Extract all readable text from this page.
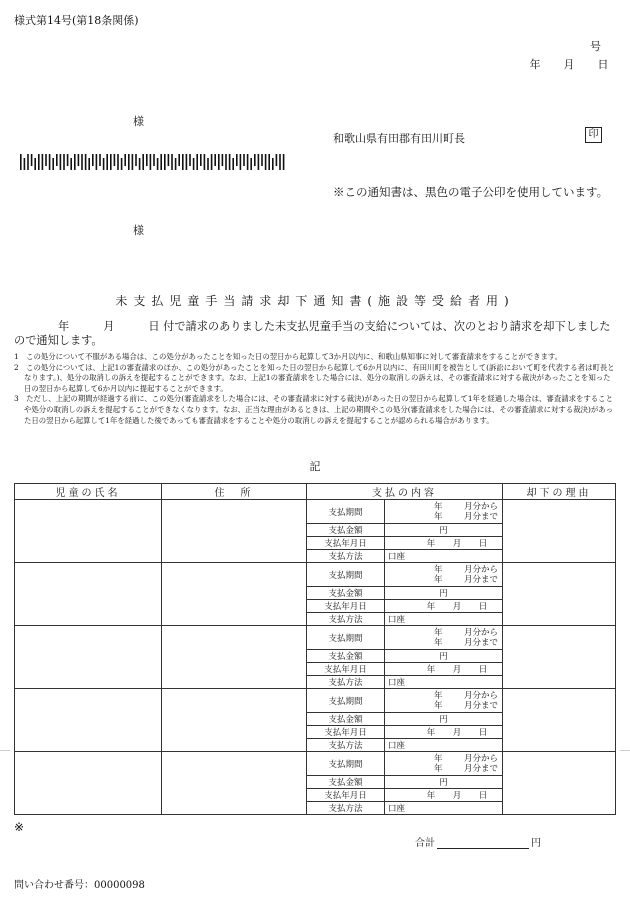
様式第14号(第18条関係)
号
年 月 日
様
和歌山県有田郡有田川町長	印
※この通知書は、黒色の電子公印を使用しています。
様
未支払児童手当請求却下通知書(施設等受給者用)
年	月	日 付で請求のありました未支払児童手当の支給については、次のとおり請求を却下しました
ので通知します。

1　この処分について不服がある場合は、この処分があったことを知った日の翌日から起算して3か月以内に、和歌山県知事に対して審査請求をすることができます。

2　この処分については、上記1の審査請求のほか、この処分があったことを知った日の翌日から起算して6か月以内に、有田川町を被告として(訴訟において町を代表する者は町長となります。)、処分の取消しの訴えを提起することができます。なお、上記1の審査請求をした場合には、処分の取消しの訴えは、その審査請求に対する裁決があったことを知った日の翌日から起算して6か月以内に提起することができます。

3　ただし、上記の期間が経過する前に、この処分(審査請求をした場合には、その審査請求に対する裁決)があった日の翌日から起算して1年を経過した場合は、審査請求をすることや処分の取消しの訴えを提起することができなくなります。なお、正当な理由があるときは、上記の期間やこの処分(審査請求をした場合には、その審査請求に対する裁決)があった日の翌日から起算して1年を経過した後であっても審査請求をすることや処分の取消しの訴えを提起することが認められる場合があります。

記
児童の氏名	住　所	支払の内容		却下の理由
		支払期間	年 月分から
年 月分まで	

		支払金額	円	
		支払年月日	年 月 日	
		支払方法	口座	
		支払期間	年 月分から
年 月分まで	

		支払金額	円	
		支払年月日	年 月 日	
		支払方法	口座	
		支払期間	年 月分から
年 月分まで	

		支払金額	円	
		支払年月日	年 月 日	
		支払方法	口座	
		支払期間	年 月分から
年 月分まで	

		支払金額	円	
		支払年月日	年 月 日	
		支払方法	口座	
		支払期間	年 月分から
年 月分まで	

		支払金額	円	
		支払年月日	年 月 日	
		支払方法	口座	
※
合計	円
問い合わせ番号：00000098
